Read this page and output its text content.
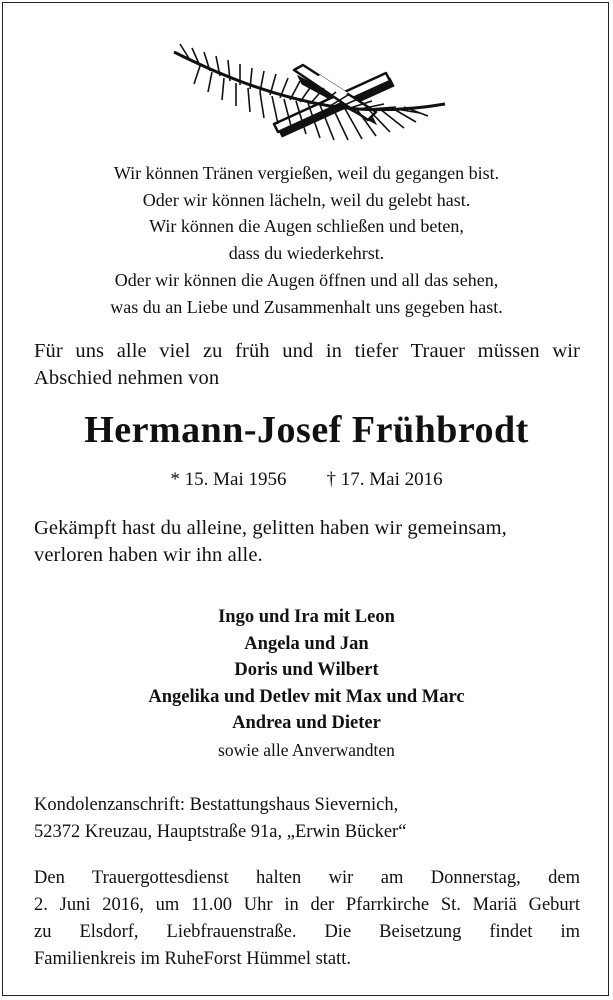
Wir können Tränen vergießen, weil du gegangen bist.
Oder wir können lächeln, weil du gelebt hast.
Wir können die Augen schließen und beten,
dass du wiederkehrst.
Oder wir können die Augen öffnen und all das sehen,
was du an Liebe und Zusammenhalt uns gegeben hast.
Für uns alle viel zu früh und in tiefer Trauer müssen wir
Abschied nehmen von
Hermann-Josef Frühbrodt
* 15. Mai 1956 † 17. Mai 2016
Gekämpft hast du alleine, gelitten haben wir gemeinsam,
verloren haben wir ihn alle.
Ingo und Ira mit Leon
Angela und Jan
Doris und Wilbert
Angelika und Detlev mit Max und Marc
Andrea und Dieter
sowie alle Anverwandten
Kondolenzanschrift: Bestattungshaus Sievernich,
52372 Kreuzau, Hauptstraße 91a, „Erwin Bücker“
Den Trauergottesdienst halten wir am Donnerstag, dem
2. Juni 2016, um 11.00 Uhr in der Pfarrkirche St. Mariä Geburt
zu Elsdorf, Liebfrauenstraße. Die Beisetzung findet im
Familienkreis im RuheForst Hümmel statt.
